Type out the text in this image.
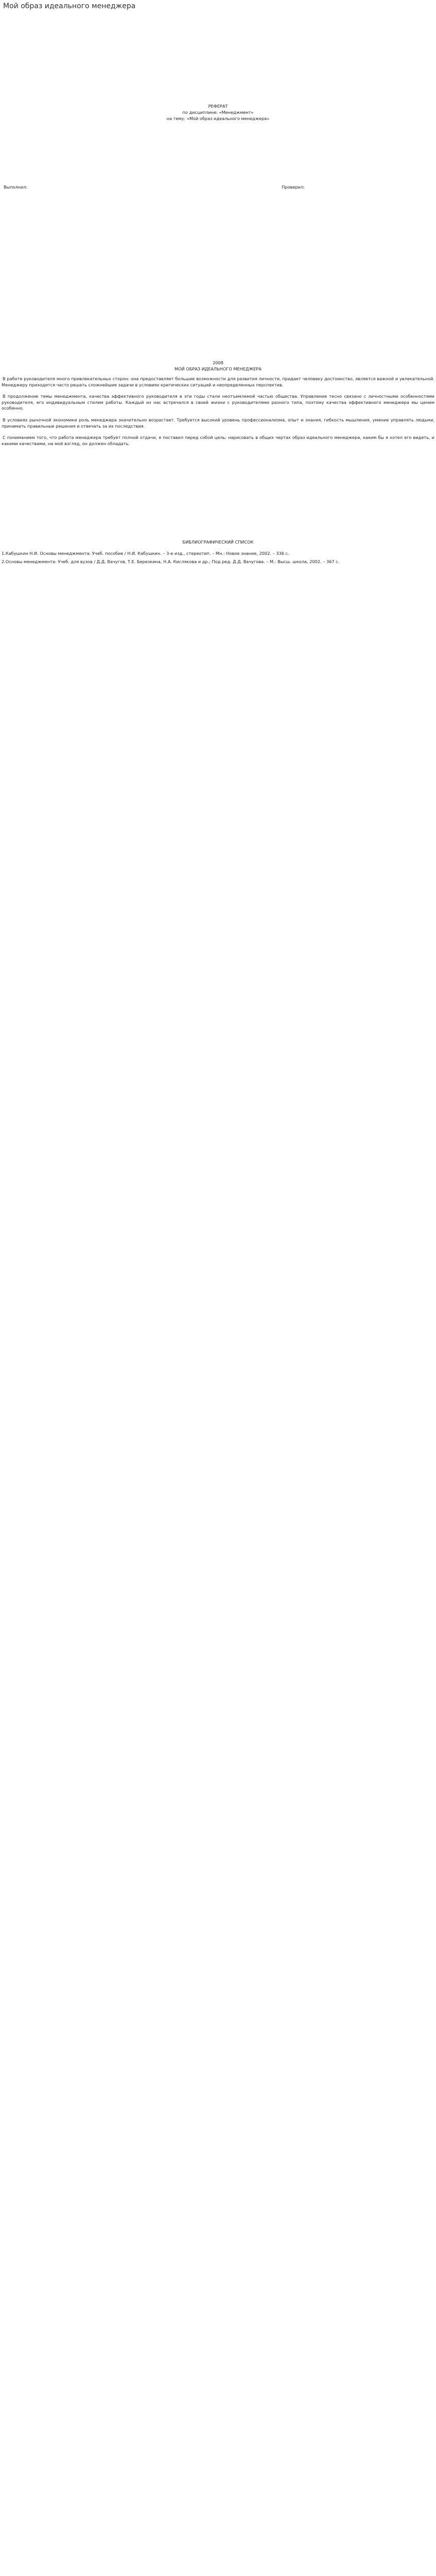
Мой образ идеального менеджера
РЕФЕРАТ
по дисциплине: «Менеджмент»
на тему: «Мой образ идеального менеджера»
Выполнил:	Проверил:
2008
МОЙ ОБРАЗ ИДЕАЛЬНОГО МЕНЕДЖЕРА

В работе руководителя много привлекательных сторон: она предоставляет большие возможности для развития личности, придает человеку достоинство, является важной и увлекательной. Менеджеру приходится часто решать сложнейшие задачи в условиях критических ситуаций и неопределенных перспектив.

В продолжение темы менеджмента, качества эффективного руководителя в эти годы стали неотъемлемой частью общества. Управление тесно связано с личностными особенностями руководителя, его индивидуальным стилем работы. Каждый из нас встречался в своей жизни с руководителями разного типа, поэтому качества эффективного менеджера мы ценим особенно.

В условиях рыночной экономики роль менеджера значительно возрастает. Требуется высокий уровень профессионализма, опыт и знания, гибкость мышления, умение управлять людьми, принимать правильные решения и отвечать за их последствия.

С пониманием того, что работа менеджера требует полной отдачи, я поставил перед собой цель: нарисовать в общих чертах образ идеального менеджера, каким бы я хотел его видеть, и какими качествами, на мой взгляд, он должен обладать.

БИБЛИОГРАФИЧЕСКИЙ СПИСОК
1.Кабушкин Н.И. Основы менеджмента: Учеб. пособие / Н.И. Кабушкин. – 3-е изд., стереотип. – Мн.: Новое знание, 2002. – 336 с.
2.Основы менеджмента: Учеб. для вузов / Д.Д. Вачугов, Т.Е. Березкина, Н.А. Кислякова и др.; Под ред. Д.Д. Вачугова. – М.: Высш. школа, 2002. – 367 с.
